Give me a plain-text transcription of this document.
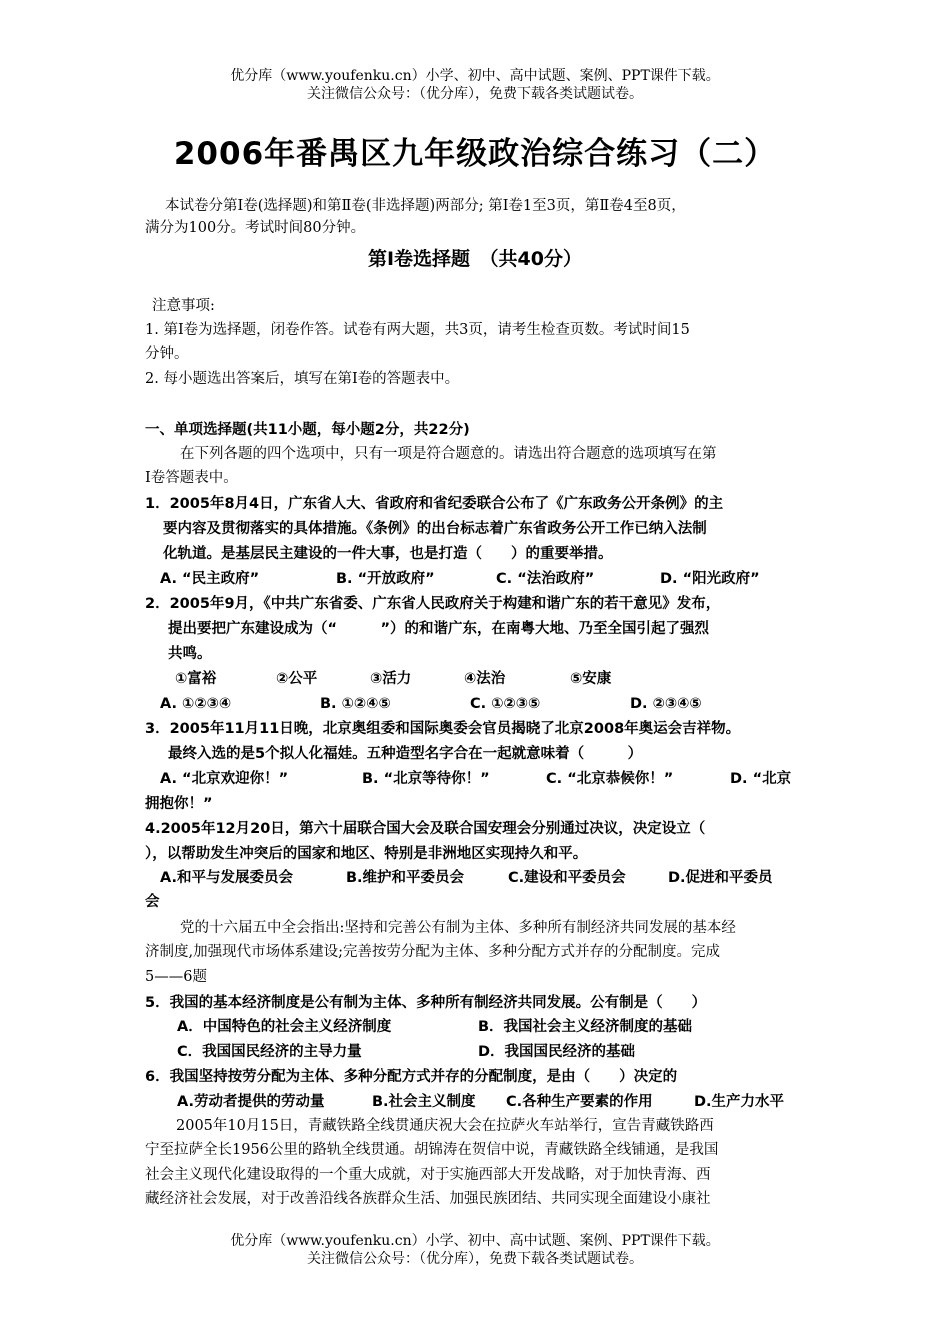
优分库（www.youfenku.cn）小学、初中、高中试题、案例、PPT课件下载。
关注微信公众号：（优分库），免费下载各类试题试卷。
2006年番禺区九年级政治综合练习（二）
本试卷分第Ⅰ卷(选择题)和第Ⅱ卷(非选择题)两部分; 第Ⅰ卷1至3页，第Ⅱ卷4至8页，
满分为100分。考试时间80分钟。
第Ⅰ卷选择题　（共40分）
注意事项:
1. 第Ⅰ卷为选择题，闭卷作答。试卷有两大题，共3页，请考生检查页数。考试时间15
分钟。
2. 每小题选出答案后，填写在第Ⅰ卷的答题表中。
一、单项选择题(共11小题，每小题2分，共22分)
在下列各题的四个选项中，只有一项是符合题意的。请选出符合题意的选项填写在第
Ⅰ卷答题表中。
1．2005年8月4日，广东省人大、省政府和省纪委联合公布了《广东政务公开条例》的主
要内容及贯彻落实的具体措施。《条例》的出台标志着广东省政务公开工作已纳入法制
化轨道。是基层民主建设的一件大事，也是打造（　　）的重要举措。
A. “民主政府”	B. “开放政府”	C. “法治政府”	D. “阳光政府”
2．2005年9月，《中共广东省委、广东省人民政府关于构建和谐广东的若干意见》发布，
提出要把广东建设成为（“　　　”）的和谐广东，在南粤大地、乃至全国引起了强烈
共鸣。
①富裕	②公平	③活力	④法治	⑤安康
A. ①②③④	B. ①②④⑤	C. ①②③⑤	D. ②③④⑤
3．2005年11月11日晚，北京奥组委和国际奥委会官员揭晓了北京2008年奥运会吉祥物。
最终入选的是5个拟人化福娃。五种造型名字合在一起就意味着（　　　）
A. “北京欢迎你！”	B. “北京等待你！”	C. “北京恭候你！”	D. “北京
拥抱你！”
4.2005年12月20日，第六十届联合国大会及联合国安理会分别通过决议，决定设立（
），以帮助发生冲突后的国家和地区、特别是非洲地区实现持久和平。
A.和平与发展委员会	B.维护和平委员会	C.建设和平委员会	D.促进和平委员
会
党的十六届五中全会指出:坚持和完善公有制为主体、多种所有制经济共同发展的基本经
济制度,加强现代市场体系建设;完善按劳分配为主体、多种分配方式并存的分配制度。完成
5——6题
5．我国的基本经济制度是公有制为主体、多种所有制经济共同发展。公有制是（　　）
A．中国特色的社会主义经济制度	B．我国社会主义经济制度的基础
C．我国国民经济的主导力量	D．我国国民经济的基础
6．我国坚持按劳分配为主体、多种分配方式并存的分配制度，是由（　　）决定的
A.劳动者提供的劳动量	B.社会主义制度 C.各种生产要素的作用	D.生产力水平
2005年10月15日，青藏铁路全线贯通庆祝大会在拉萨火车站举行，宣告青藏铁路西
宁至拉萨全长1956公里的路轨全线贯通。胡锦涛在贺信中说，青藏铁路全线铺通，是我国
社会主义现代化建设取得的一个重大成就，对于实施西部大开发战略，对于加快青海、西
藏经济社会发展，对于改善沿线各族群众生活、加强民族团结、共同实现全面建设小康社
优分库（www.youfenku.cn）小学、初中、高中试题、案例、PPT课件下载。
关注微信公众号：（优分库），免费下载各类试题试卷。
